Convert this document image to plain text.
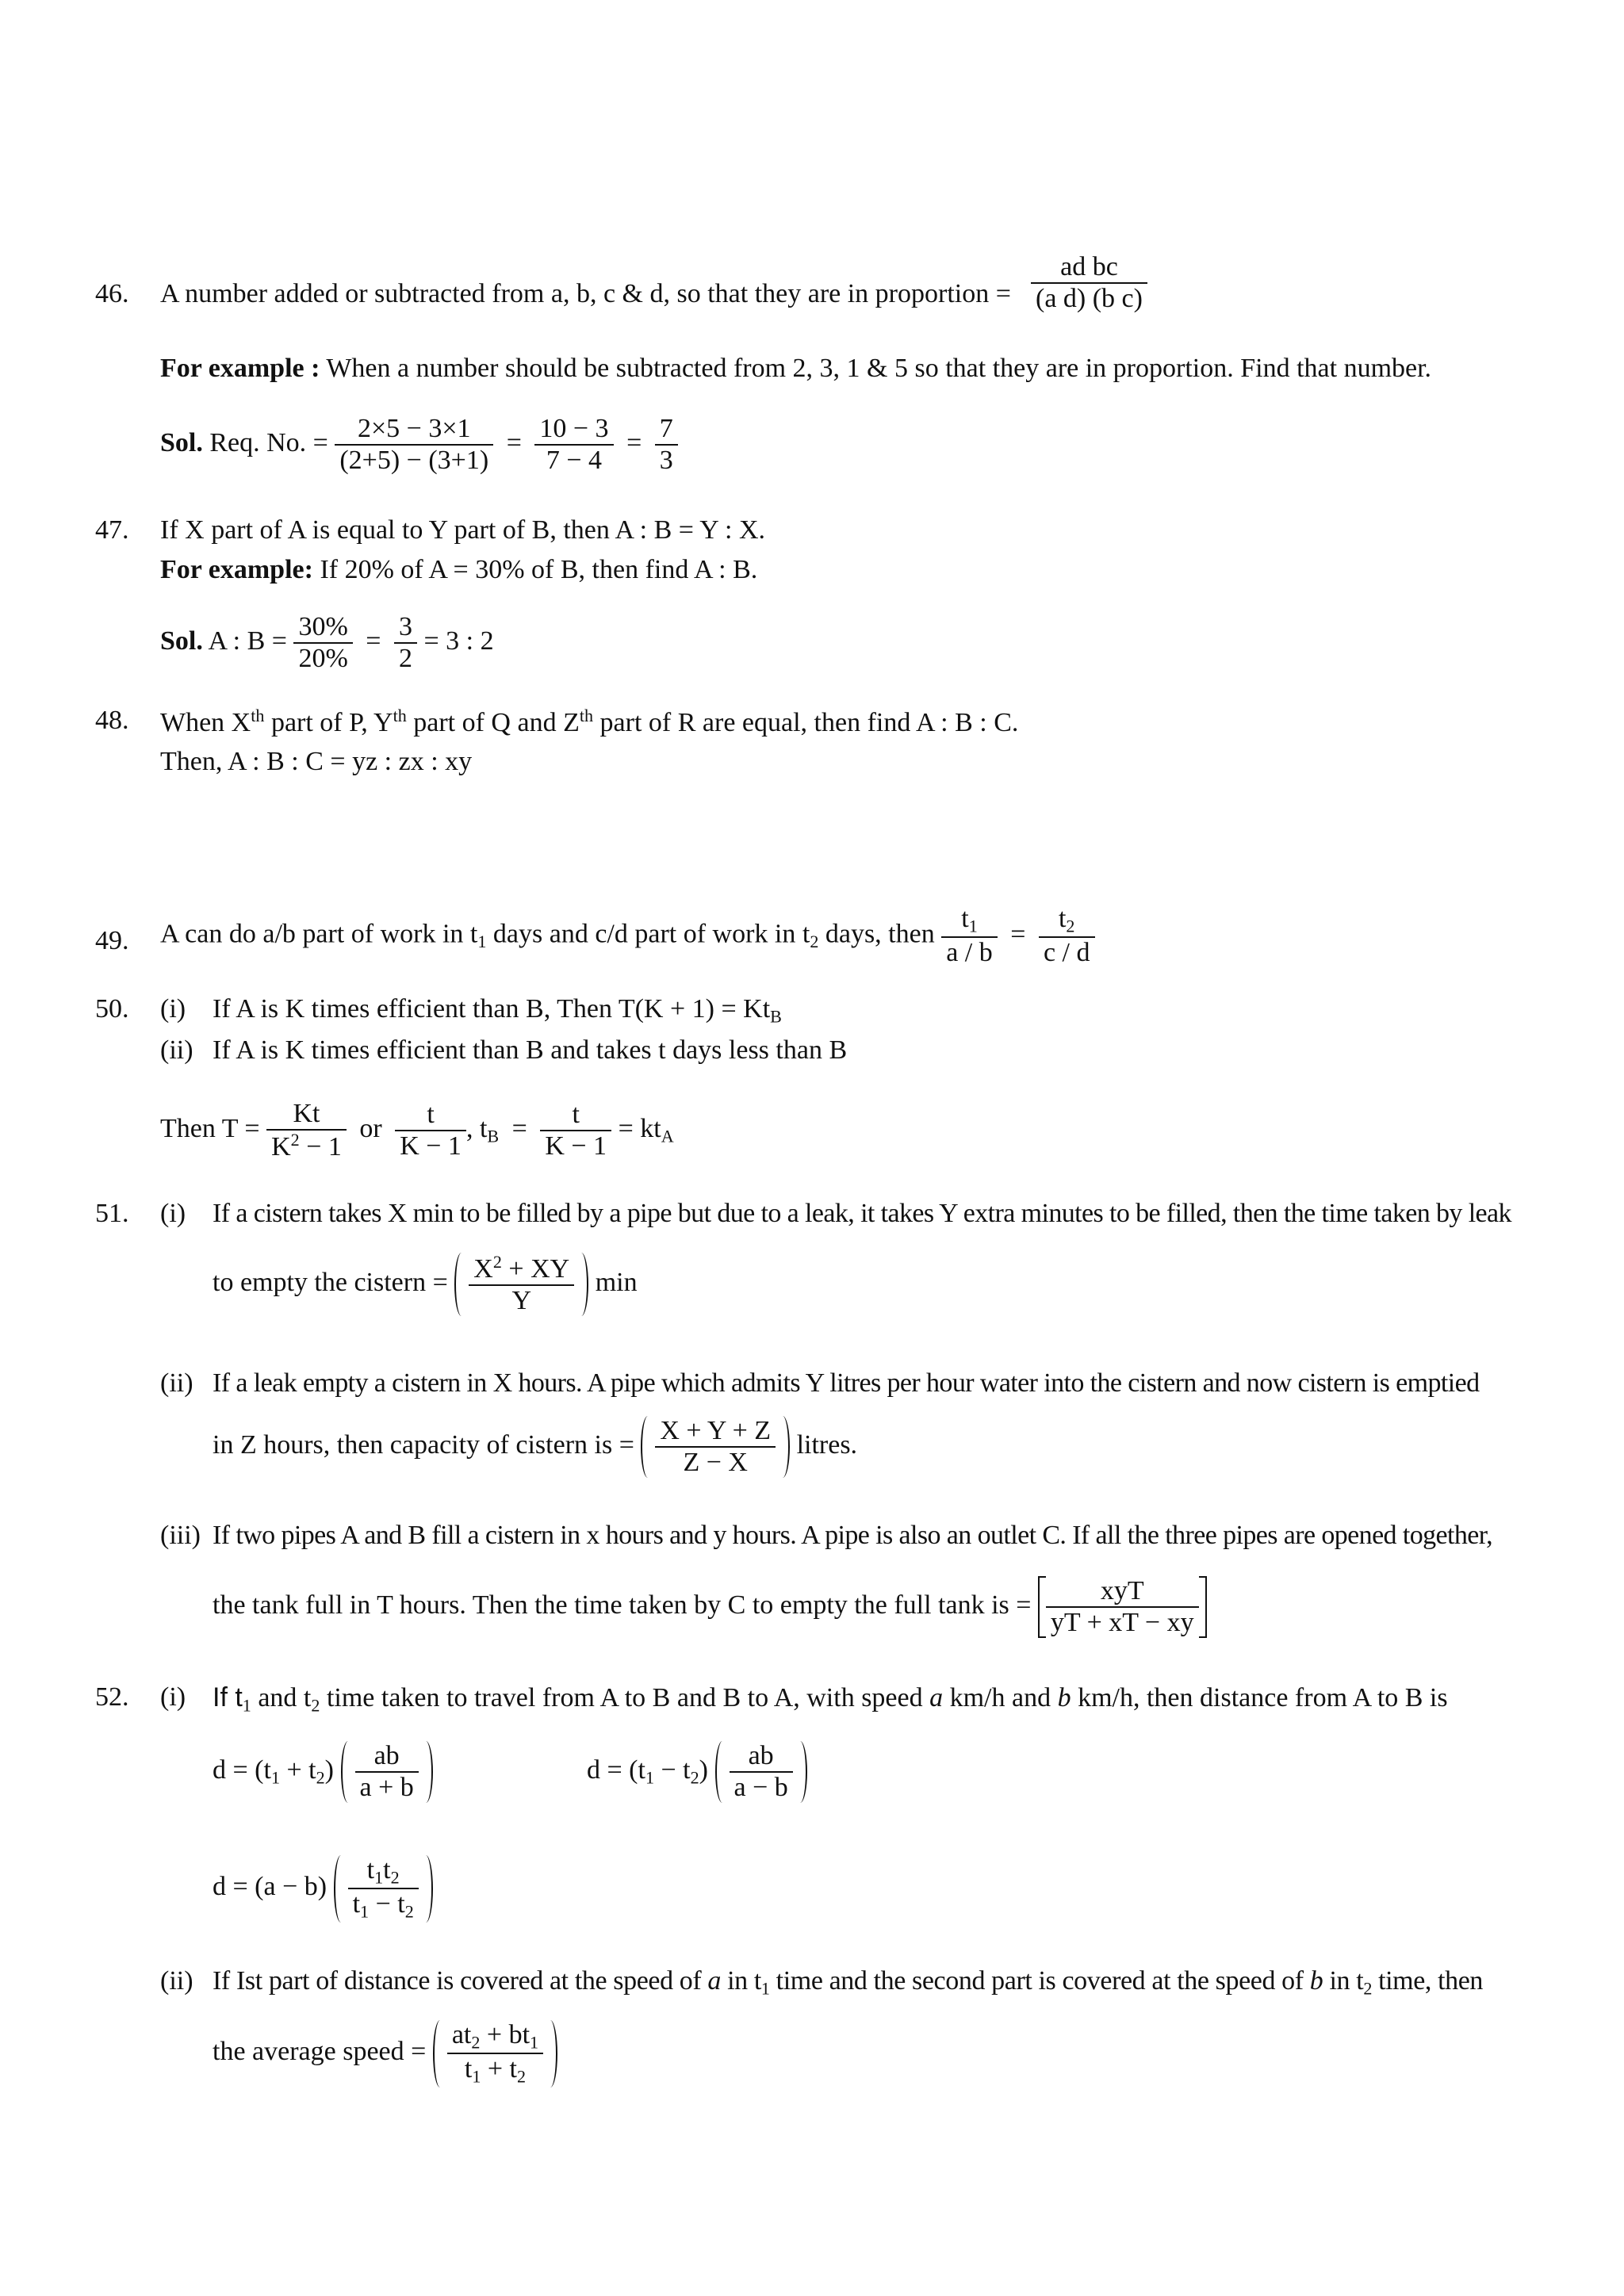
46. A number added or subtracted from a, b, c & d, so that they are in proportion = $\frac{\text{ad bc}}{\text{(a d) (b c)}}$
For example : When a number should be subtracted from 2, 3, 1 & 5 so that they are in proportion. Find that number.
Sol. Req. No. = $\frac{2\times 5 - 3\times 1}{(2+5) - (3+1)} = \frac{10 - 3}{7 - 4} = \frac{7}{3}$
47. If X part of A is equal to Y part of B, then A : B = Y : X.
For example: If 20% of A = 30% of B, then find A : B.
Sol. A : $B = \frac{30\%}{20\%} = \frac{3}{2} = 3$ : 2
48. When Xth part of P, $Y^{th}$ part of Q and $Z^{th}$ part of R are equal, then find A : B : C.
Then, A : B : C = yz : zx : xy
49. A can do a/b part of work in $t_1$ days and c/d part of work in $t_2$ days, then $\frac{t_1}{a / b} = \frac{t_2}{c / d}$
50. (i) If A is K times efficient than B, Then $T(K + 1) = Kt_B$
(ii) If A is K times efficient than B and takes t days less than B
Then $T = \frac{Kt}{K^2 - 1}$ or $\frac{t}{K - 1}$ , $t_B = \frac{t}{K - 1} = kt_A$
51. (i) If a cistern takes X min to be filled by a pipe but due to a leak, it takes Y extra minutes to be filled, then the time taken by leak
to empty the cistern = $\frac{X^2 + XY}{Y}$ min
(ii) If a leak empty a cistern in X hours. A pipe which admits Y litres per hour water into the cistern and now cistern is emptied
in Z hours, then capacity of cistern is = $\frac{X + Y + Z}{Z - X}$ litres.
(iii) If two pipes A and B fill a cistern in x hours and y hours. A pipe is also an outlet C. If all the three pipes are opened together,
the tank full in T hours. Then the time taken by C to empty the full tank is = $\frac{\text{xyT}}{yT + xT - xy}$
52. (i) If $t_1$ and $t_2$ time taken to travel from A to B and B to A, with speed a km/h and b km/h, then distance from A to B is
$d = (t_1 + t_2) \frac{ab}{a + b}$	$d = (t_1 - t_2) \frac{ab}{a - b}$
$d = (a - b) \frac{t_1t_2}{t_1 - t_2}$
(ii) If Ist part of distance is covered at the speed of a in $t_1$ time and the second part is covered at the speed of b in $t_2$ time, then
the average speed = $\frac{at_2 + bt_1}{t_1 + t_2}$
